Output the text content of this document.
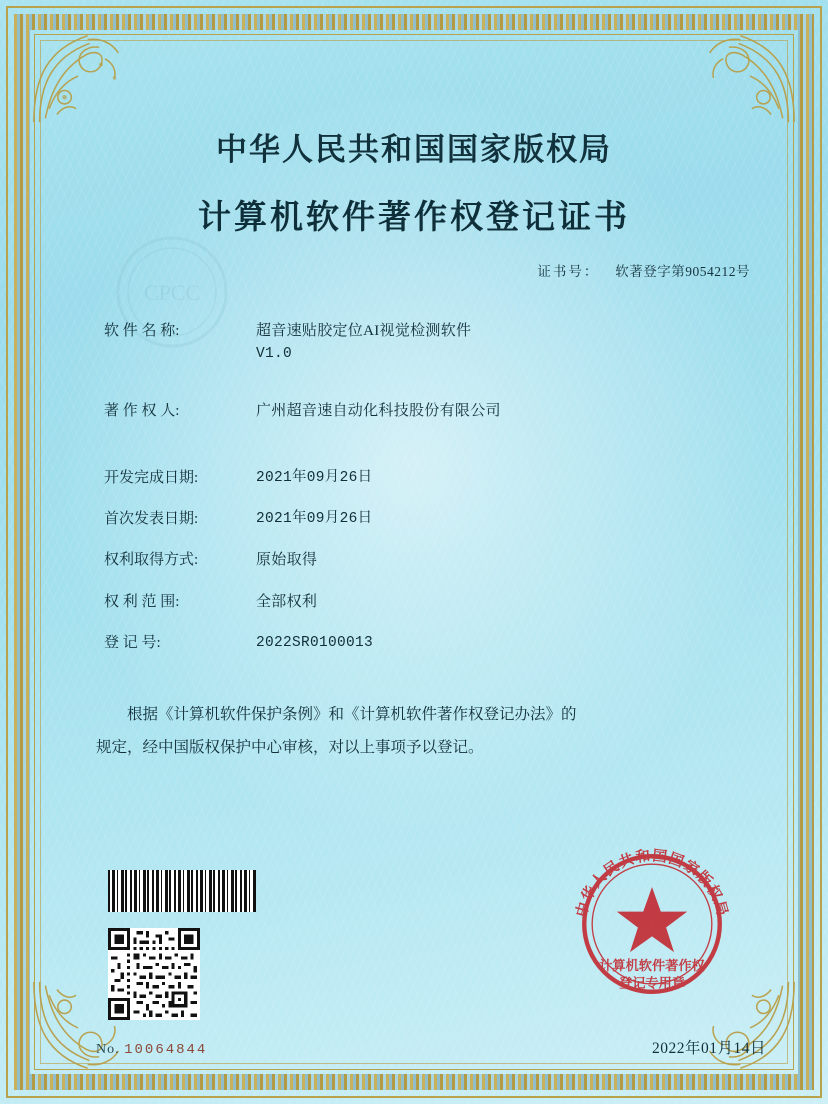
CPCC
中华人民共和国国家版权局
计算机软件著作权登记证书
证书号： 软著登字第9054212号
软 件 名 称:	超音速贴胶定位AI视觉检测软件
V1.0
著 作 权 人:	广州超音速自动化科技股份有限公司
开发完成日期:	2021年09月26日
首次发表日期:	2021年09月26日
权利取得方式:	原始取得
权 利 范 围:	全部权利
登 记 号:	2022SR0100013
根据《计算机软件保护条例》和《计算机软件著作权登记办法》的
规定，经中国版权保护中心审核，对以上事项予以登记。
No. 10064844	2022年01月14日
中华人民共和国国家版权局
计算机软件著作权
登记专用章
